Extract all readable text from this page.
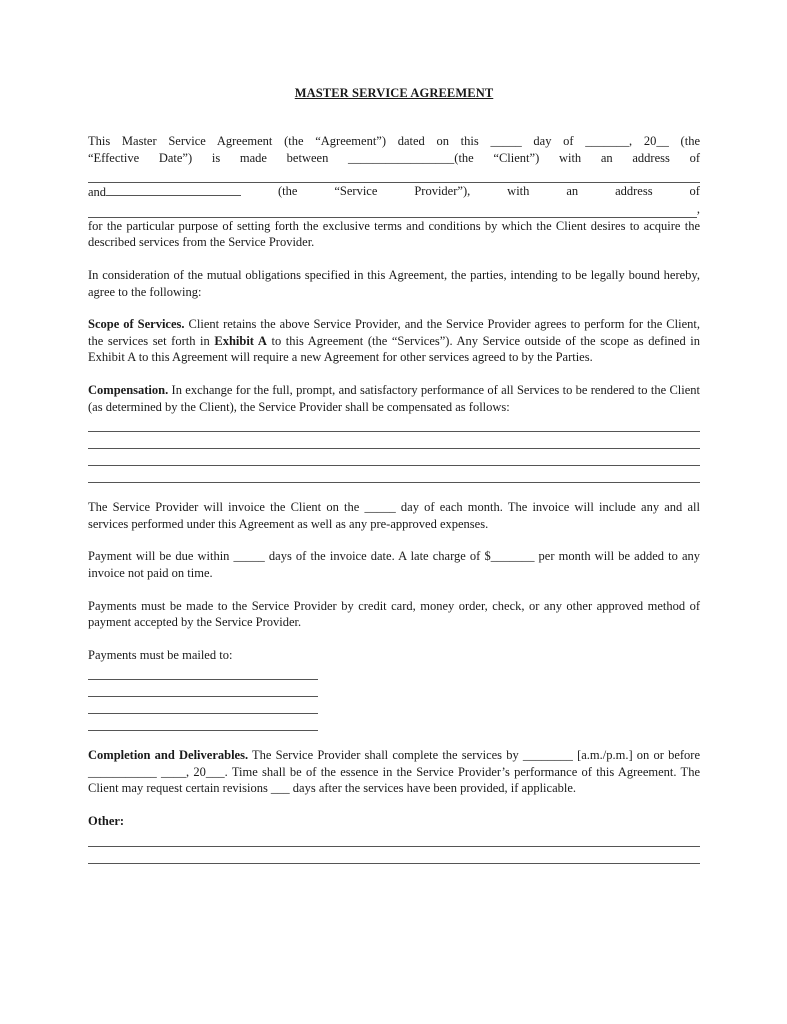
MASTER SERVICE AGREEMENT

This Master Service Agreement (the “Agreement”) dated on this _____ day of _______, 20__ (the

“Effective Date”) is made between _________________(the “Client”) with an address of

and	(the	“Service	Provider”),	with	an	address	of
,

for the particular purpose of setting forth the exclusive terms and conditions by which the Client desires to acquire the described services from the Service Provider.

In consideration of the mutual obligations specified in this Agreement, the parties, intending to be legally bound hereby, agree to the following:

Scope of Services. Client retains the above Service Provider, and the Service Provider agrees to perform for the Client, the services set forth in Exhibit A to this Agreement (the “Services”). Any Service outside of the scope as defined in Exhibit A to this Agreement will require a new Agreement for other services agreed to by the Parties.

Compensation. In exchange for the full, prompt, and satisfactory performance of all Services to be rendered to the Client (as determined by the Client), the Service Provider shall be compensated as follows:

The Service Provider will invoice the Client on the _____ day of each month. The invoice will include any and all services performed under this Agreement as well as any pre-approved expenses.

Payment will be due within _____ days of the invoice date. A late charge of $_______ per month will be added to any invoice not paid on time.

Payments must be made to the Service Provider by credit card, money order, check, or any other approved method of payment accepted by the Service Provider.

Payments must be mailed to:

Completion and Deliverables. The Service Provider shall complete the services by ________ [a.m./p.m.] on or before ___________ ____, 20___. Time shall be of the essence in the Service Provider’s performance of this Agreement. The Client may request certain revisions ___ days after the services have been provided, if applicable.

Other:
